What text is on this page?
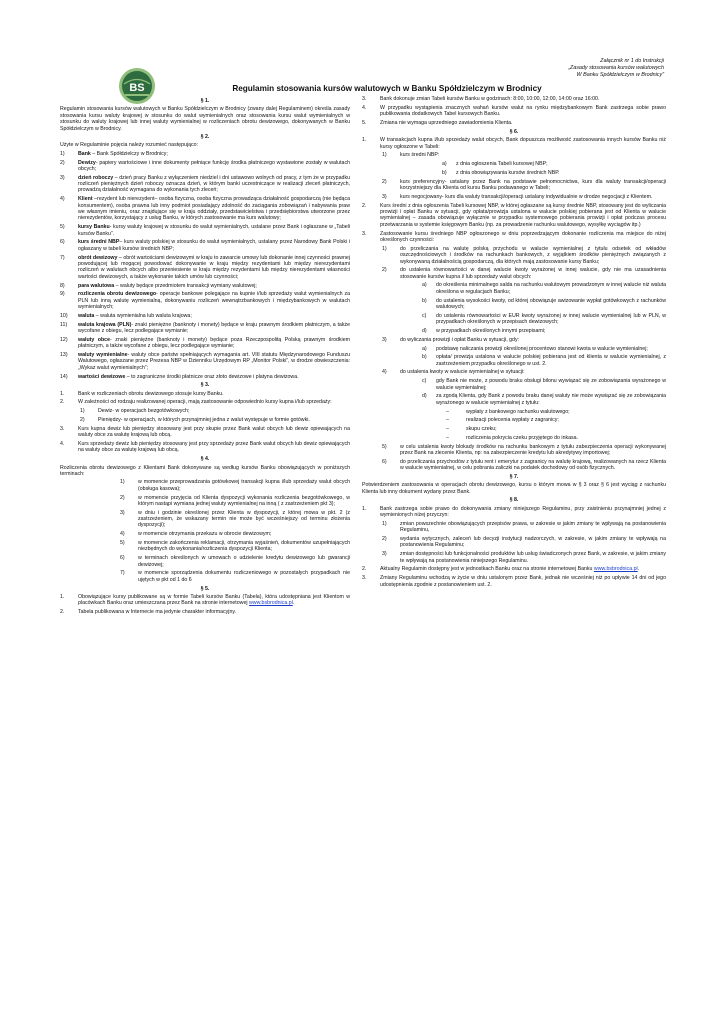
Załącznik nr 1 do Instrukcji
„Zasady stosowania kursów walutowych
W Banku Spółdzielczym w Brodnicy”
BS	Regulamin stosowania kursów walutowych w Banku Spółdzielczym w Brodnicy
§ 1.

Regulamin stosowania kursów walutowych w Banku Spółdzielczym w Brodnicy (zwany dalej Regulaminem) określa zasady stosowania kursu waluty krajowej w stosunku do walut wymienialnych oraz stosowania kursu walut wymienialnych w stosunku do waluty krajowej lub innej waluty wymienialnej w rozliczeniach obrotu dewizowego, dokonywanych w Banku Spółdzielczym w Brodnicy.

§ 2.

Użyte w Regulaminie pojęcia należy rozumieć następująco:

1)	Bank – Bank Spółdzielczy w Brodnicy;
2)	Dewizy- papiery wartościowe i inne dokumenty pełniące funkcję środka płatniczego wystawione zostały w walutach obcych;
3)	dzień roboczy – dzień pracy Banku z wyłączeniem niedziel i dni ustawowo wolnych od pracy, z tym że w przypadku rozliczeń pieniężnych dzień roboczy oznacza dzień, w którym banki uczestniczące w realizacji zleceń płatniczych, prowadzą działalność wymagana do wykonania tych zleceń;
4)	Klient –rezydent lub nierezydent– osoba fizyczna, osoba fizyczna prowadząca działalność gospodarczą (nie będąca konsumentem), osoba prawna lub inny podmiot posiadający zdolność do zaciągania zobowiązań i nabywania praw we własnym imieniu, oraz znajdujące się w kraju oddziały, przedstawicielstwa i przedsiębiorstwa utworzone przez nierezydentów, korzystający z usług Banku, w których zastosowanie ma kurs walutowy;
5)	kursy Banku- kursy waluty krajowej w stosunku do walut wymienialnych, ustalane przez Bank i ogłaszane w „Tabeli kursów Banku”.
6)	kurs średni NBP– kurs waluty polskiej w stosunku do walut wymienialnych, ustalany przez Narodowy Bank Polski i ogłaszany w tabeli kursów średnich NBP;
7)	obrót dewizowy – obrót wartościami dewizowymi w kraju to zawarcie umowy lub dokonanie innej czynności prawnej powodującej lub mogącej powodować dokonywanie w kraju między rezydentami lub między nierezydentami rozliczeń w walutach obcych albo przeniesienie w kraju między rezydentami lub między nierezydentami własności wartości dewizowych, a także wykonanie takich umów lub czynności;
8)	para walutowa – waluty będące przedmiotem transakcji wymiany walutowej;
9)	rozliczenia obrotu dewizowego- operacje bankowe polegające na kupnie i/lub sprzedaży walut wymienialnych za PLN lub inną walutę wymienialną, dokonywaniu rozliczeń wewnątrzbankowych i międzybankowych w walutach wymienialnych;
10)	waluta – waluta wymienialna lub waluta krajowa;
11)	waluta krajowa (PLN)- znaki pieniężne (banknoty i monety) będące w kraju prawnym środkiem płatniczym, a także wycofane z obiegu, lecz podlegające wymianie;
12)	waluty obce- znaki pieniężne (banknoty i monety) będące poza Rzeczpospolitą Polską prawnym środkiem płatniczym, a także wycofane z obiegu, lecz podlegające wymianie;
13)	waluty wymienialne- waluty obce państw spełniających wymagania art. VIII statutu Międzynarodowego Funduszu Walutowego, ogłaszane przez Prezesa NBP w Dzienniku Urzędowym RP „Monitor Polski”, w drodze obwieszczenia: „Wykaz walut wymienialnych”;
14)	wartości dewizowe – to zagraniczne środki płatnicze oraz złoto dewizowe i platyna dewizowa.
§ 3.
1.	Bank w rozliczeniach obrotu dewizowego stosuje kursy Banku.
2.	W zależności od rodzaju realizowanej operacji, mają zastosowanie odpowiednio kursy kupna i/lub sprzedaży:
1)	Dewiz- w operacjach bezgotówkowych;
2)	Pieniędzy- w operacjach, w których przynajmniej jedna z walut występuje w formie gotówki.
3.	Kurs kupna dewiz lub pieniędzy stosowany jest przy skupie przez Bank walut obcych lub dewiz opiewających na waluty obce za walutę krajową lub obcą.
4.	Kurs sprzedaży dewiz lub pieniędzy stosowany jest przy sprzedaży przez Bank walut obcych lub dewiz opiewających na waluty obce za walutę krajową lub obcą.
§ 4.

Rozliczenia obrotu dewizowego z Klientami Bank dokonywane są według kursów Banku obowiązujących w poniższych terminach:

1)	w momencie przeprowadzania gotówkowej transakcji kupna i/lub sprzedaży walut obcych (obsługa kasowa);
2)	w momencie przyjęcia od Klienta dyspozycji wykonania rozliczenia bezgotówkowego, w którym nastąpi wymiana jednej waluty wymienialnej na inną ( z zastrzeżeniem pkt 3);
3)	w dniu i godzinie określonej przez Klienta w dyspozycji, z której mowa w pkt. 2 (z zastrzeżeniem, że wskazany termin nie może być wcześniejszy od terminu złożenia dyspozycji);
4)	w momencie otrzymania przekazu w obrocie dewizowym;
5)	w momencie zakończenia reklamacji, otrzymania wyjaśnień, dokumentów uzupełniających niezbędnych do wykonania/rozliczenia dyspozycji Klienta;
6)	w terminach określonych w umowach o udzielenie kredytu dewizowego lub gwarancji dewizowej;
7)	w momencie sporządzenia dokumentu rozliczeniowego w pozostałych przypadkach nie ujętych w pkt od 1 do 6
§ 5.
1.	Obowiązujące kursy publikowane są w formie Tabeli kursów Banku (Tabela), która udostępniana jest Klientom w placówkach Banku oraz umieszczana przez Bank na stronie internetowej www.bsbrodnica.pl.
2.	Tabela publikowana w Internecie ma jedynie charakter informacyjny.
3.	Bank dokonuje zmian Tabeli kursów Banku w godzinach: 8:00, 10:00, 12:00, 14:00 oraz 16:00.
4.	W przypadku wystąpienia znacznych wahań kursów walut na rynku międzybankowym Bank zastrzega sobie prawo publikowania dodatkowych Tabel kursowych Banku.
5.	Zmiana nie wymaga uprzedniego zawiadomienia Klienta.
§ 6.
1.	W transakcjach kupna i/lub sprzedaży walut obcych, Bank dopuszcza możliwość zastosowania innych kursów Banku niż kursy ogłoszone w Tabeli:
1)	kurs średni NBP:
a)	z dnia ogłoszenia Tabeli kursowej NBP;
b)	z dnia obowiązywania kursów średnich NBP.
2)	kurs preferencyjny- ustalany przez Bank na podstawie pełnomocnictwa, kurs dla waluty transakcji/operacji korzystniejszy dla Klienta od kursu Banku podawanego w Tabeli;
3)	kurs negocjowany- kurs dla waluty transakcji/operacji ustalany indywidualnie w drodze negocjacji z Klientem.
2.	Kurs średni z dnia ogłoszenia Tabeli kursowej NBP, w której ogłaszane są kursy średnie NBP, stosowany jest do wyliczania prowizji i opłat Banku w sytuacji, gdy opłata/prowizja ustalona w walucie polskiej pobierana jest od Klienta w walucie wymienialnej – zasada obowiązuje wyłącznie w przypadku systemowego pobierania prowizji i opłat podczas procesu przetwarzania w systemie księgowym Banku (np. za prowadzenie rachunku walutowego, wysyłkę wyciągów itp.)
3.	Zastosowanie kursu średniego NBP ogłoszonego w dniu poprzedzającym dokonanie rozliczenia ma miejsce do niżej określonych czynności:
1)	do przeliczania na walutę polską przychodu w walucie wymienialnej z tytułu odsetek od wkładów oszczędnościowych i środków na rachunkach bankowych, z wyjątkiem środków pieniężnych związanych z wykonywaną działalnością gospodarczą, dla których mają zastosowanie kursy Banku;
2)	do ustalenia równowartości w danej walucie kwoty wyrażonej w innej walucie, gdy nie ma uzasadnienia stosowanie kursów kupna i/ lub sprzedaży walut obcych:
a)	do określenia minimalnego salda na rachunku walutowym prowadzonym w innej walucie niż waluta określona w regulacjach Banku;
b)	do ustalenia wysokości kwoty, od której obowiązuje awizowanie wypłat gotówkowych z rachunków walutowych;
c)	do ustalenia równowartości w EUR kwoty wyrażonej w innej walucie wymienialnej lub w PLN, w przypadkach określonych w przepisach dewizowych;
d)	w przypadkach określonych innymi przepisami;
3)	do wyliczania prowizji i opłat Banku w sytuacji, gdy:
a)	podstawę naliczania prowizji określonej procentowo stanowi kwota w walucie wymienialnej;
b)	opłata/ prowizja ustalona w walucie polskiej pobierana jest od klienta w walucie wymienialnej, z zastrzeżeniem przypadku określonego w ust. 2.
4)	do ustalenia kwoty w walucie wymienialnej w sytuacji:
c)	gdy Bank nie może, z powodu braku obsługi bilonu wywiązać się ze zobowiązania wyrażonego w walucie wymienialnej;
d)	za zgodą Klienta, gdy Bank z powodu braku danej waluty nie może wywiązać się ze zobowiązania wyrażonego w walucie wymienialnej z tytułu:
–	wypłaty z bankowego rachunku walutowego;
–	realizacji polecenia wypłaty z zagranicy;
–	skupu czeku;
–	rozliczenia pokrycia czeku przyjętego do inkasa.
5)	w celu ustalenia kwoty blokady środków na rachunku bankowym z tytułu zabezpieczenia operacji wykonywanej przez Bank na zlecenie Klienta, np: na zabezpieczenie kredytu lub akredytywy importowej;
6)	do przeliczania przychodów z tytułu rent i emerytur z zagranicy na walutę krajową, realizowanych na rzecz Klienta w walucie wymienialnej, w celu pobrania zaliczki na podatek dochodowy od osób fizycznych.
§ 7.

Potwierdzeniem zastosowania w operacjach obrotu dewizowego, kursu o którym mowa w § 3 oraz § 6 jest wyciąg z rachunku Klienta lub inny dokument wydany przez Bank.

§ 8.
1.	Bank zastrzega sobie prawo do dokonywania zmiany niniejszego Regulaminu, przy zaistnieniu przynajmniej jednej z wymienionych niżej przyczyn:
1)	zmian powszechnie obowiązujących przepisów prawa, w zakresie w jakim zmiany te wpływają na postanowienia Regulaminu,
2)	wydania wytycznych, zaleceń lub decyzji instytucji nadzorczych, w zakresie, w jakim zmiany te wpływają na postanowienia Regulaminu;
3)	zmian dostępności lub funkcjonalności produktów lub usług świadczonych przez Bank, w zakresie, w jakim zmiany te wpływają na postanowienia niniejszego Regulaminu.
2.	Aktualny Regulamin dostępny jest w jednostkach Banku oraz na stronie internetowej Banku www.bsbrodnica.pl.
3.	Zmiany Regulaminu wchodzą w życie w dniu ustalonym przez Bank, jednak nie wcześniej niż po upływie 14 dni od jego udostępnienia zgodnie z postanowieniem ust. 2.
